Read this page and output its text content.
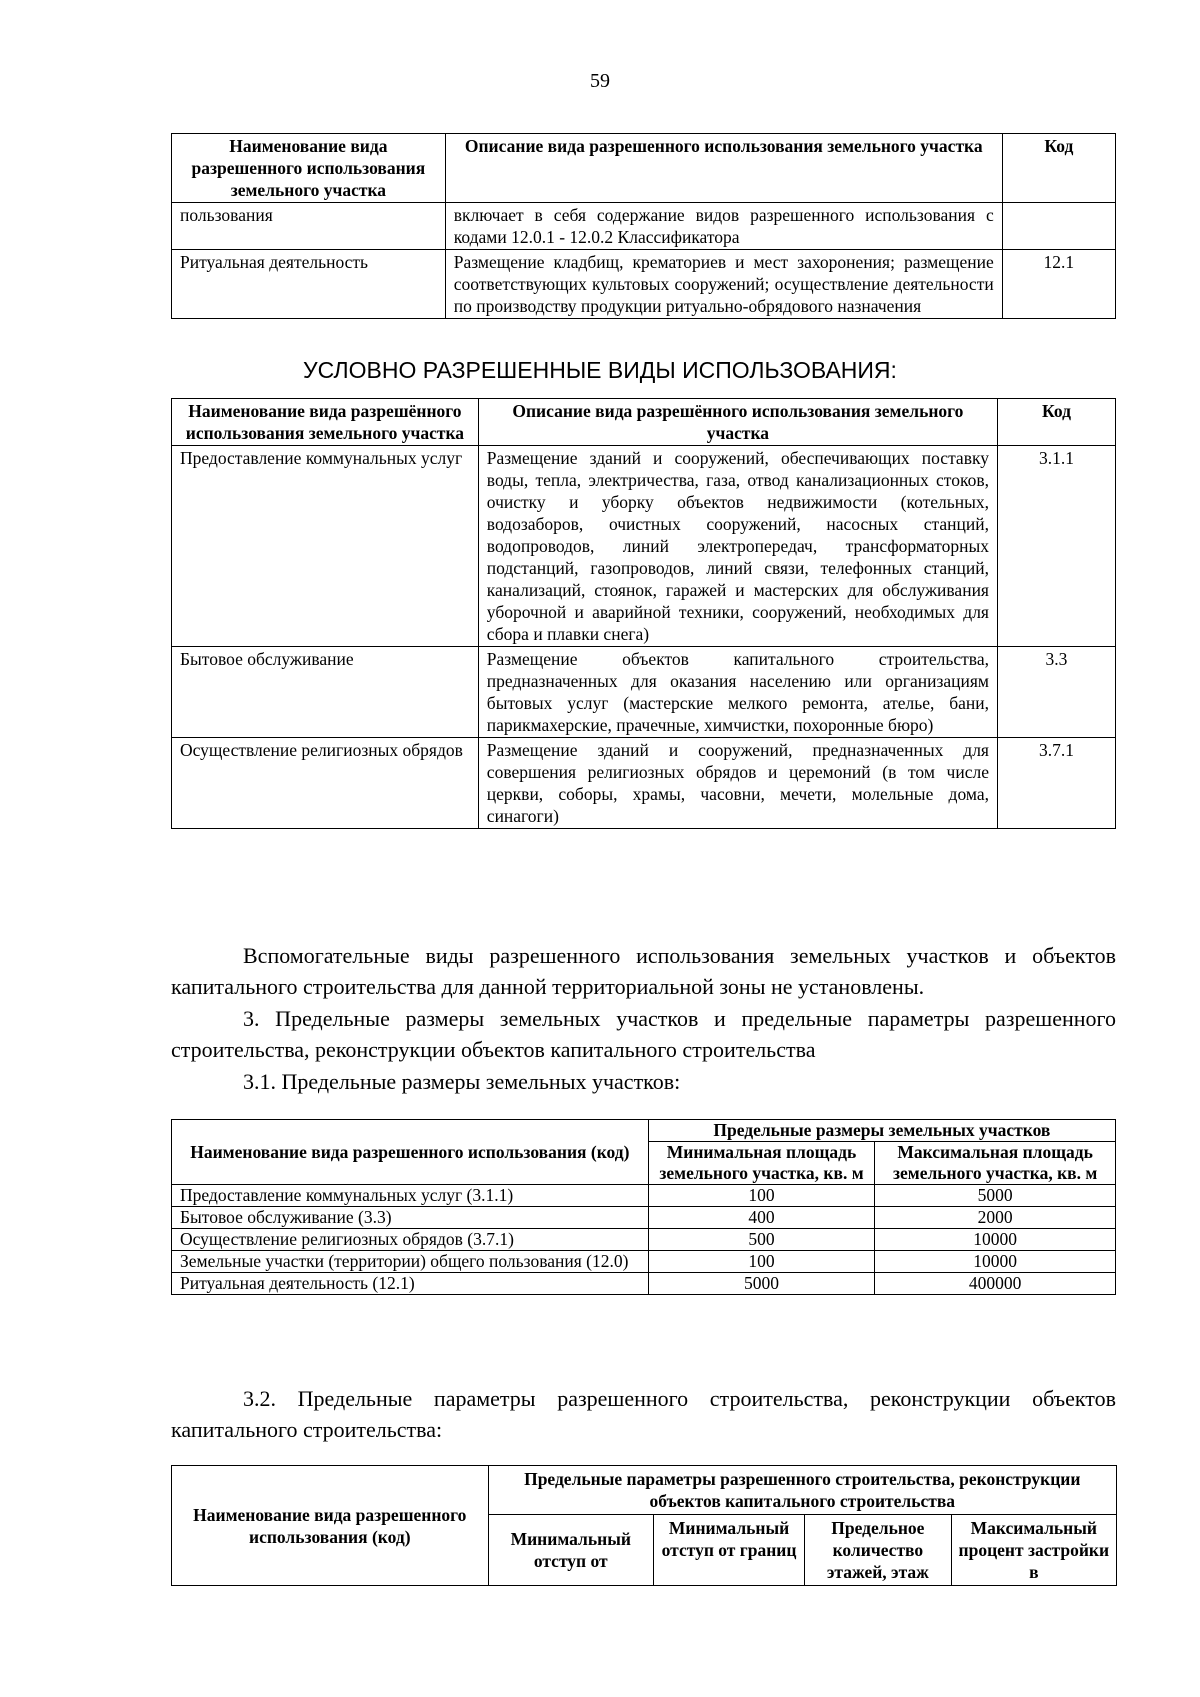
59
Наименование вида разрешенного использования земельного участка	Описание вида разрешенного использования земельного участка	Код
пользования	включает в себя содержание видов разрешенного использования с кодами 12.0.1 - 12.0.2 Классификатора	
Ритуальная деятельность	Размещение кладбищ, крематориев и мест захоронения; размещение соответствующих культовых сооружений; осуществление деятельности по производству продукции ритуально-обрядового назначения	12.1
УСЛОВНО РАЗРЕШЕННЫЕ ВИДЫ ИСПОЛЬЗОВАНИЯ:
Наименование вида разрешённого использования земельного участка	Описание вида разрешённого использования земельного участка	Код
Предоставление коммунальных услуг	Размещение зданий и сооружений, обеспечивающих поставку воды, тепла, электричества, газа, отвод канализационных стоков, очистку и уборку объектов недвижимости (котельных, водозаборов, очистных сооружений, насосных станций, водопроводов, линий электропередач, трансформаторных подстанций, газопроводов, линий связи, телефонных станций, канализаций, стоянок, гаражей и мастерских для обслуживания уборочной и аварийной техники, сооружений, необходимых для сбора и плавки снега)	3.1.1
Бытовое обслуживание	Размещение объектов капитального строительства, предназначенных для оказания населению или организациям бытовых услуг (мастерские мелкого ремонта, ателье, бани, парикмахерские, прачечные, химчистки, похоронные бюро)	3.3
Осуществление религиозных обрядов	Размещение зданий и сооружений, предназначенных для совершения религиозных обрядов и церемоний (в том числе церкви, соборы, храмы, часовни, мечети, молельные дома, синагоги)	3.7.1
Вспомогательные виды разрешенного использования земельных участков и объектов капитального строительства для данной территориальной зоны не установлены.
3. Предельные размеры земельных участков и предельные параметры разрешенного строительства, реконструкции объектов капитального строительства
3.1. Предельные размеры земельных участков:
Наименование вида разрешенного использования (код)	Предельные размеры земельных участков	
	Минимальная площадь земельного участка, кв. м	Максимальная площадь земельного участка, кв. м
Предоставление коммунальных услуг (3.1.1)	100	5000
Бытовое обслуживание (3.3)	400	2000
Осуществление религиозных обрядов (3.7.1)	500	10000
Земельные участки (территории) общего пользования (12.0)	100	10000
Ритуальная деятельность (12.1)	5000	400000
3.2. Предельные параметры разрешенного строительства, реконструкции объектов капитального строительства:
Наименование вида разрешенного использования (код)	Предельные параметры разрешенного строительства, реконструкции объектов капитального строительства			
	Минимальный отступ от	Минимальный отступ от границ	Предельное количество этажей, этаж	Максимальный процент застройки в
